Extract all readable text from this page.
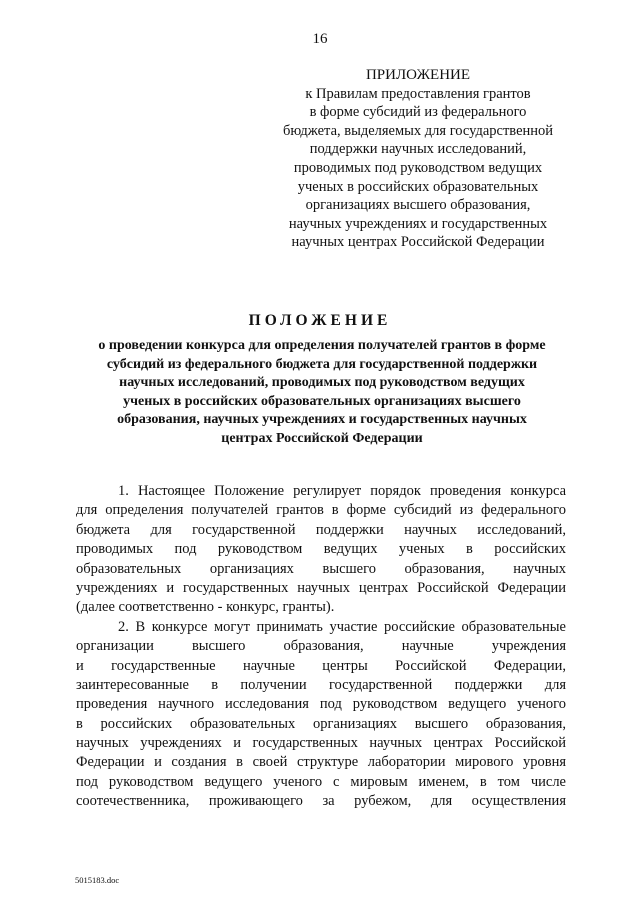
16
ПРИЛОЖЕНИЕ
к Правилам предоставления грантов
в форме субсидий из федерального
бюджета, выделяемых для государственной
поддержки научных исследований,
проводимых под руководством ведущих
ученых в российских образовательных
организациях высшего образования,
научных учреждениях и государственных
научных центрах Российской Федерации
ПОЛОЖЕНИЕ
о проведении конкурса для определения получателей грантов в форме
субсидий из федерального бюджета для государственной поддержки
научных исследований, проводимых под руководством ведущих
ученых в российских образовательных организациях высшего
образования, научных учреждениях и государственных научных
центрах Российской Федерации
1. Настоящее Положение регулирует порядок проведения конкурса
для определения получателей грантов в форме субсидий из федерального
бюджета для государственной поддержки научных исследований,
проводимых под руководством ведущих ученых в российских
образовательных организациях высшего образования, научных
учреждениях и государственных научных центрах Российской Федерации
(далее соответственно - конкурс, гранты).
2. В конкурсе могут принимать участие российские образовательные
организации высшего образования, научные учреждения
и государственные научные центры Российской Федерации,
заинтересованные в получении государственной поддержки для
проведения научного исследования под руководством ведущего ученого
в российских образовательных организациях высшего образования,
научных учреждениях и государственных научных центрах Российской
Федерации и создания в своей структуре лаборатории мирового уровня
под руководством ведущего ученого с мировым именем, в том числе
соотечественника, проживающего за рубежом, для осуществления
5015183.doc
